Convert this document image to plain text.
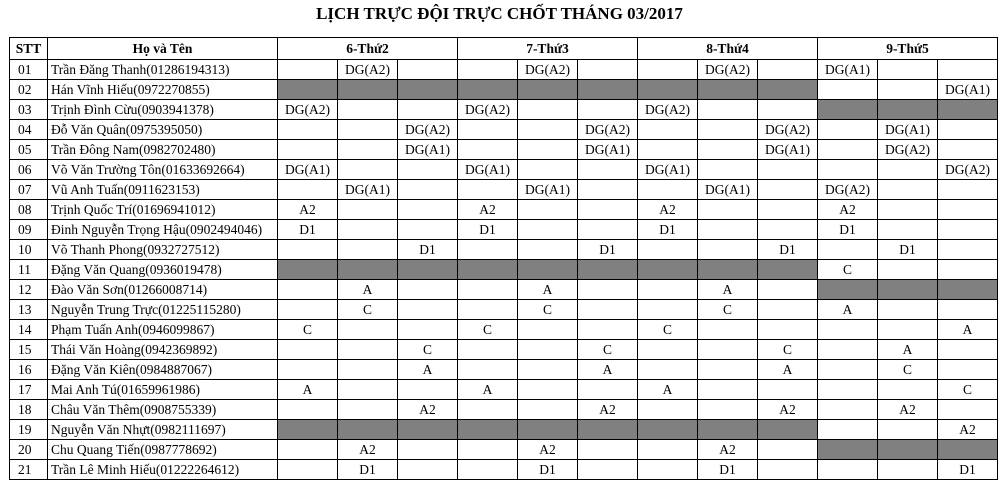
LỊCH TRỰC ĐỘI TRỰC CHỐT THÁNG 03/2017
STT	Họ và Tên	6-Thứ2			7-Thứ3			8-Thứ4			9-Thứ5		
01	Trần Đăng Thanh(01286194313)		DG(A2)			DG(A2)			DG(A2)		DG(A1)		
02	Hán Vĩnh Hiếu(0972270855)												DG(A1)
03	Trịnh Đình Cừu(0903941378)	DG(A2)			DG(A2)			DG(A2)					
04	Đỗ Văn Quân(0975395050)			DG(A2)			DG(A2)			DG(A2)		DG(A1)	
05	Trần Đông Nam(0982702480)			DG(A1)			DG(A1)			DG(A1)		DG(A2)	
06	Võ Văn Trường Tôn(01633692664)	DG(A1)			DG(A1)			DG(A1)					DG(A2)
07	Vũ Anh Tuấn(0911623153)		DG(A1)			DG(A1)			DG(A1)		DG(A2)		
08	Trịnh Quốc Trí(01696941012)	A2			A2			A2			A2		
09	Đinh Nguyễn Trọng Hậu(0902494046)	D1			D1			D1			D1		
10	Võ Thanh Phong(0932727512)			D1			D1			D1		D1	
11	Đặng Văn Quang(0936019478)										C		
12	Đào Văn Sơn(01266008714)		A			A			A				
13	Nguyễn Trung Trực(01225115280)		C			C			C		A		
14	Phạm Tuấn Anh(0946099867)	C			C			C					A
15	Thái Văn Hoàng(0942369892)			C			C			C		A	
16	Đặng Văn Kiên(0984887067)			A			A			A		C	
17	Mai Anh Tú(01659961986)	A			A			A					C
18	Châu Văn Thêm(0908755339)			A2			A2			A2		A2	
19	Nguyễn Văn Nhựt(0982111697)												A2
20	Chu Quang Tiến(0987778692)		A2			A2			A2				
21	Trần Lê Minh Hiếu(01222264612)		D1			D1			D1				D1
